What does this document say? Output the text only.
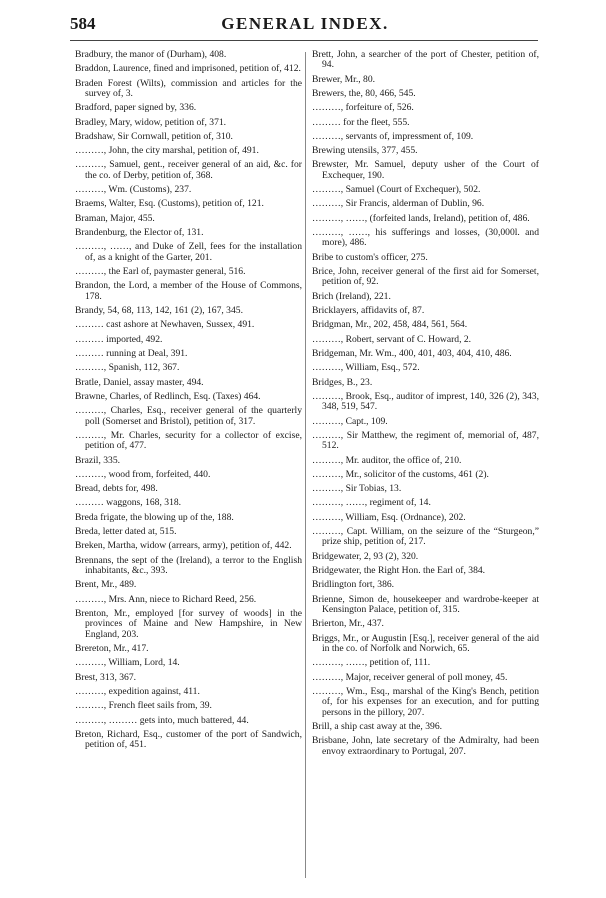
584	GENERAL INDEX.

Bradbury, the manor of (Durham), 408.

Braddon, Laurence, fined and imprisoned, petition of, 412.

Braden Forest (Wilts), commission and articles for the survey of, 3.

Bradford, paper signed by, 336.

Bradley, Mary, widow, petition of, 371.

Bradshaw, Sir Cornwall, petition of, 310.

………, John, the city marshal, petition of, 491.

………, Samuel, gent., receiver general of an aid, &c. for the co. of Derby, petition of, 368.

………, Wm. (Customs), 237.

Braems, Walter, Esq. (Customs), petition of, 121.

Braman, Major, 455.

Brandenburg, the Elector of, 131.

………, ……, and Duke of Zell, fees for the installation of, as a knight of the Garter, 201.

………, the Earl of, paymaster general, 516.

Brandon, the Lord, a member of the House of Commons, 178.

Brandy, 54, 68, 113, 142, 161 (2), 167, 345.

……… cast ashore at Newhaven, Sussex, 491.

……… imported, 492.

……… running at Deal, 391.

………, Spanish, 112, 367.

Bratle, Daniel, assay master, 494.

Brawne, Charles, of Redlinch, Esq. (Taxes) 464.

………, Charles, Esq., receiver general of the quarterly poll (Somerset and Bristol), petition of, 317.

………, Mr. Charles, security for a collector of excise, petition of, 477.

Brazil, 335.

………, wood from, forfeited, 440.

Bread, debts for, 498.

……… waggons, 168, 318.

Breda frigate, the blowing up of the, 188.

Breda, letter dated at, 515.

Breken, Martha, widow (arrears, army), petition of, 442.

Brennans, the sept of the (Ireland), a terror to the English inhabitants, &c., 393.

Brent, Mr., 489.

………, Mrs. Ann, niece to Richard Reed, 256.

Brenton, Mr., employed [for survey of woods] in the provinces of Maine and New Hampshire, in New England, 203.

Brereton, Mr., 417.

………, William, Lord, 14.

Brest, 313, 367.

………, expedition against, 411.

………, French fleet sails from, 39.

………, ……… gets into, much battered, 44.

Breton, Richard, Esq., customer of the port of Sandwich, petition of, 451.

Brett, John, a searcher of the port of Chester, petition of, 94.

Brewer, Mr., 80.

Brewers, the, 80, 466, 545.

………, forfeiture of, 526.

……… for the fleet, 555.

………, servants of, impressment of, 109.

Brewing utensils, 377, 455.

Brewster, Mr. Samuel, deputy usher of the Court of Exchequer, 190.

………, Samuel (Court of Exchequer), 502.

………, Sir Francis, alderman of Dublin, 96.

………, ……, (forfeited lands, Ireland), petition of, 486.

………, ……, his sufferings and losses, (30,000l. and more), 486.

Bribe to custom's officer, 275.

Brice, John, receiver general of the first aid for Somerset, petition of, 92.

Brich (Ireland), 221.

Bricklayers, affidavits of, 87.

Bridgman, Mr., 202, 458, 484, 561, 564.

………, Robert, servant of C. Howard, 2.

Bridgeman, Mr. Wm., 400, 401, 403, 404, 410, 486.

………, William, Esq., 572.

Bridges, B., 23.

………, Brook, Esq., auditor of imprest, 140, 326 (2), 343, 348, 519, 547.

………, Capt., 109.

………, Sir Matthew, the regiment of, memorial of, 487, 512.

………, Mr. auditor, the office of, 210.

………, Mr., solicitor of the customs, 461 (2).

………, Sir Tobias, 13.

………, ……, regiment of, 14.

………, William, Esq. (Ordnance), 202.

………, Capt. William, on the seizure of the “Sturgeon,” prize ship, petition of, 217.

Bridgewater, 2, 93 (2), 320.

Bridgewater, the Right Hon. the Earl of, 384.

Bridlington fort, 386.

Brienne, Simon de, housekeeper and wardrobe-keeper at Kensington Palace, petition of, 315.

Brierton, Mr., 437.

Briggs, Mr., or Augustin [Esq.], receiver general of the aid in the co. of Norfolk and Norwich, 65.

………, ……, petition of, 111.

………, Major, receiver general of poll money, 45.

………, Wm., Esq., marshal of the King's Bench, petition of, for his expenses for an execution, and for putting persons in the pillory, 207.

Brill, a ship cast away at the, 396.

Brisbane, John, late secretary of the Admiralty, had been envoy extraordinary to Portugal, 207.
